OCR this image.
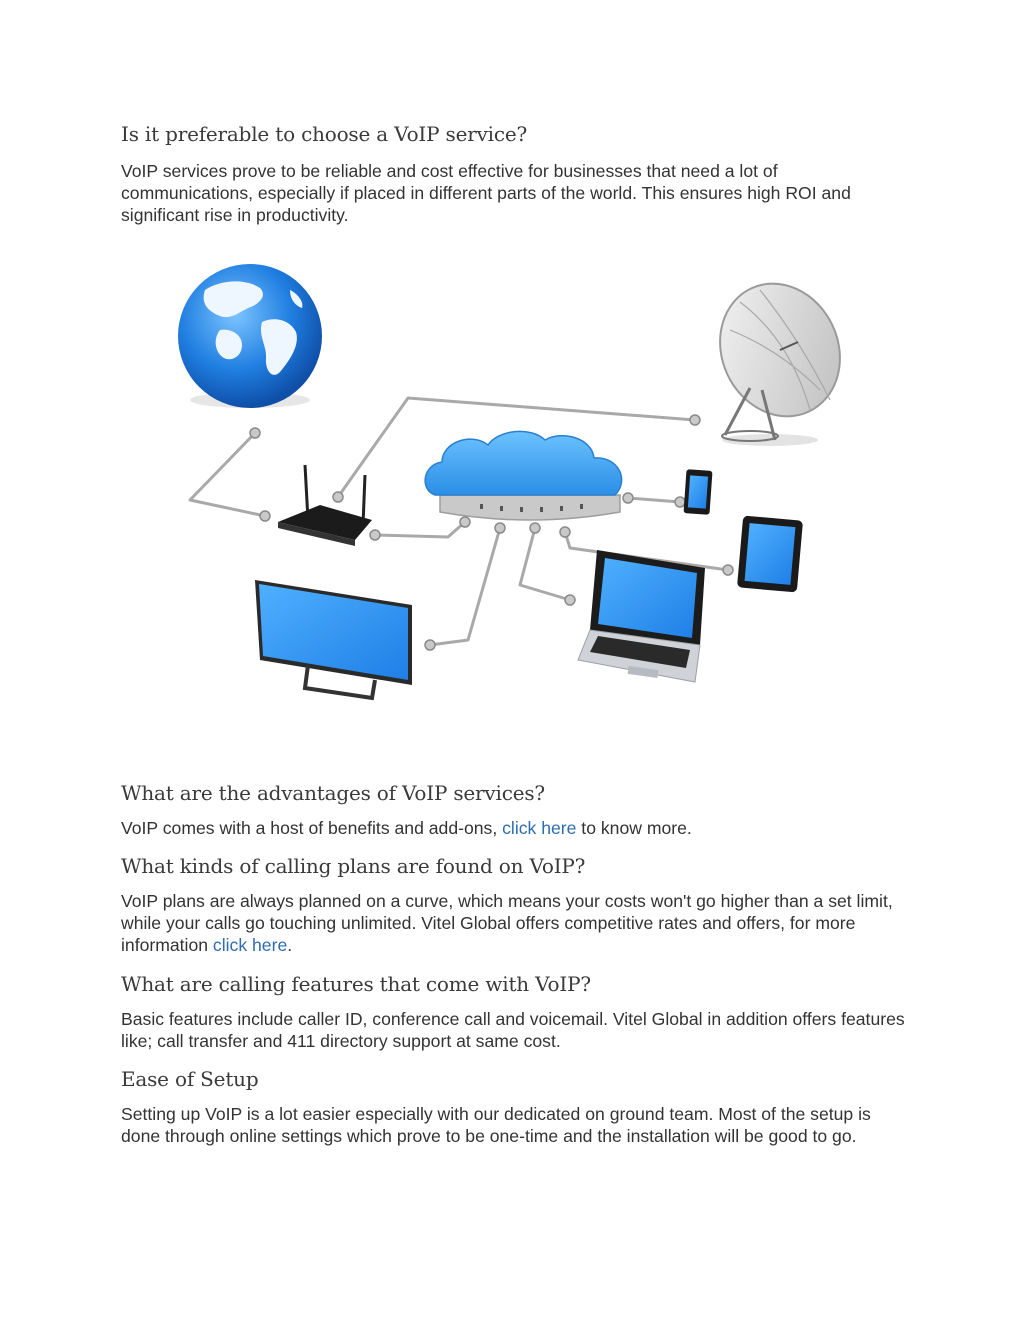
Is it preferable to choose a VoIP service?

VoIP services prove to be reliable and cost effective for businesses that need a lot of communications, especially if placed in different parts of the world. This ensures high ROI and significant rise in productivity.

What are the advantages of VoIP services?

VoIP comes with a host of benefits and add-ons, click here to know more.

What kinds of calling plans are found on VoIP?

VoIP plans are always planned on a curve, which means your costs won't go higher than a set limit, while your calls go touching unlimited. Vitel Global offers competitive rates and offers, for more information click here.

What are calling features that come with VoIP?

Basic features include caller ID, conference call and voicemail. Vitel Global in addition offers features like; call transfer and 411 directory support at same cost.

Ease of Setup

Setting up VoIP is a lot easier especially with our dedicated on ground team. Most of the setup is done through online settings which prove to be one-time and the installation will be good to go.
